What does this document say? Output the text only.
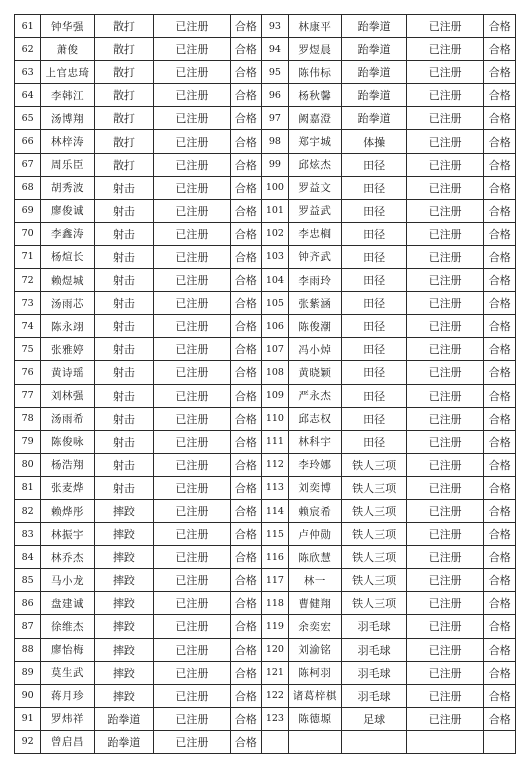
61	钟华强	散打	已注册	合格	93	林康平	跆拳道	已注册	合格
62	萧俊	散打	已注册	合格	94	罗煜晨	跆拳道	已注册	合格
63	上官忠琦	散打	已注册	合格	95	陈伟标	跆拳道	已注册	合格
64	李韩江	散打	已注册	合格	96	杨秋馨	跆拳道	已注册	合格
65	汤博翔	散打	已注册	合格	97	阙嘉澄	跆拳道	已注册	合格
66	林梓涛	散打	已注册	合格	98	郑宇城	体操	已注册	合格
67	周乐臣	散打	已注册	合格	99	邱炫杰	田径	已注册	合格
68	胡秀波	射击	已注册	合格	100	罗益文	田径	已注册	合格
69	廖俊诚	射击	已注册	合格	101	罗益武	田径	已注册	合格
70	李鑫涛	射击	已注册	合格	102	李忠榈	田径	已注册	合格
71	杨煊长	射击	已注册	合格	103	钟齐武	田径	已注册	合格
72	赖煜城	射击	已注册	合格	104	李雨玲	田径	已注册	合格
73	汤雨芯	射击	已注册	合格	105	张紫涵	田径	已注册	合格
74	陈永翊	射击	已注册	合格	106	陈俊潮	田径	已注册	合格
75	张雅婷	射击	已注册	合格	107	冯小焯	田径	已注册	合格
76	黄诗瑶	射击	已注册	合格	108	黄晓颖	田径	已注册	合格
77	刘林强	射击	已注册	合格	109	严永杰	田径	已注册	合格
78	汤雨希	射击	已注册	合格	110	邱志权	田径	已注册	合格
79	陈俊咏	射击	已注册	合格	111	林科宇	田径	已注册	合格
80	杨浩翔	射击	已注册	合格	112	李玲娜	铁人三项	已注册	合格
81	张麦烨	射击	已注册	合格	113	刘奕博	铁人三项	已注册	合格
82	赖烨彤	摔跤	已注册	合格	114	赖宸希	铁人三项	已注册	合格
83	林振宇	摔跤	已注册	合格	115	卢仲勋	铁人三项	已注册	合格
84	林乔杰	摔跤	已注册	合格	116	陈欣慧	铁人三项	已注册	合格
85	马小龙	摔跤	已注册	合格	117	林一	铁人三项	已注册	合格
86	盘建诚	摔跤	已注册	合格	118	曹健翔	铁人三项	已注册	合格
87	徐维杰	摔跤	已注册	合格	119	余奕宏	羽毛球	已注册	合格
88	廖怡梅	摔跤	已注册	合格	120	刘渝铭	羽毛球	已注册	合格
89	莫生武	摔跤	已注册	合格	121	陈柯羽	羽毛球	已注册	合格
90	蒋月珍	摔跤	已注册	合格	122	诸葛梓棋	羽毛球	已注册	合格
91	罗炜祥	跆拳道	已注册	合格	123	陈德塬	足球	已注册	合格
92	曾启昌	跆拳道	已注册	合格					
